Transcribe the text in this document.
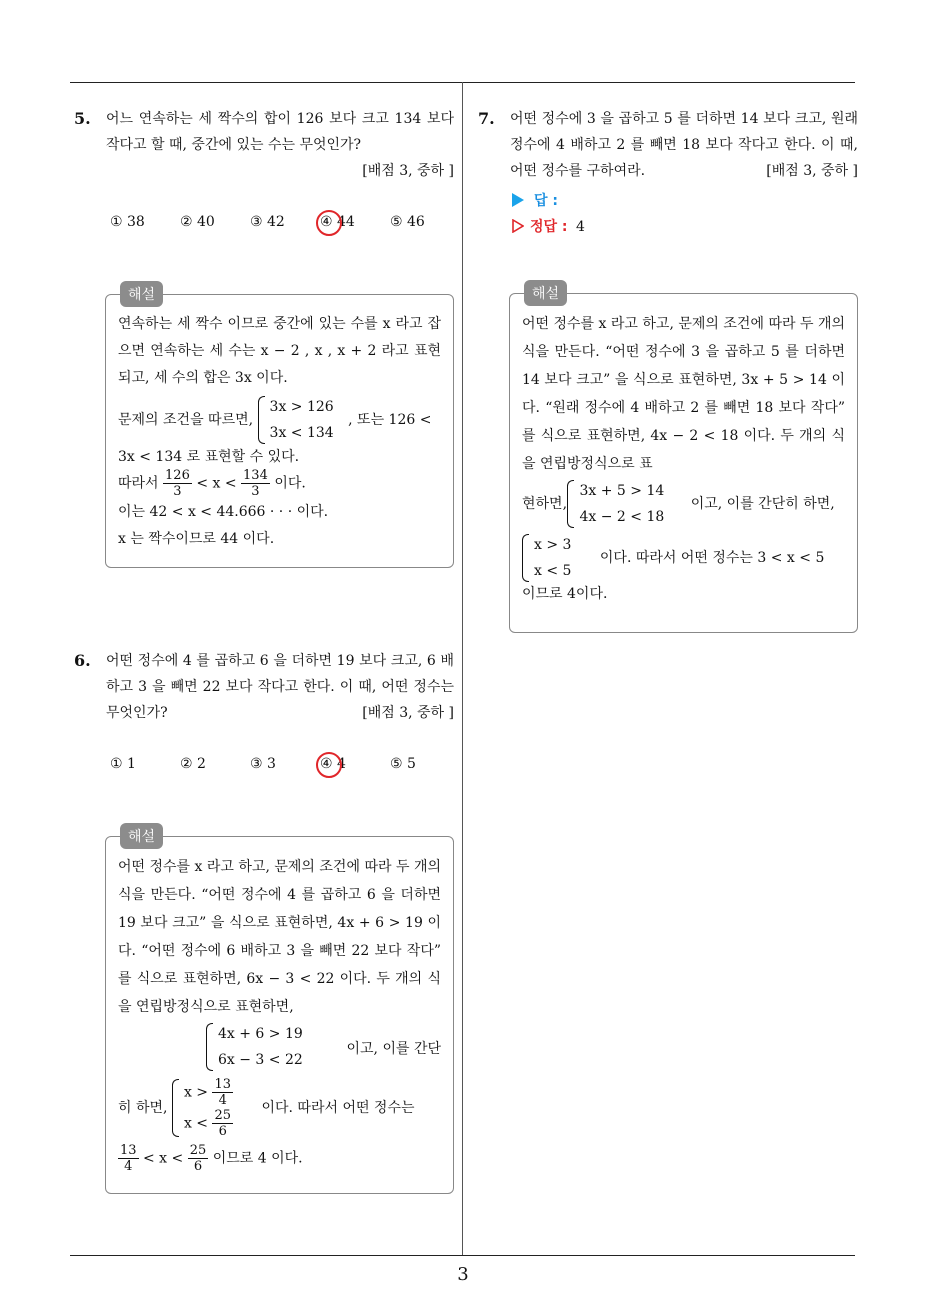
3
5. 어느 연속하는 세 짝수의 합이 126 보다 크고 134 보다 작다고 할 때, 중간에 있는 수는 무엇인가?
[배점 3, 중하 ]
① 38	② 40	③ 42	④ 44	⑤ 46
해설
연속하는 세 짝수 이므로 중간에 있는 수를 x 라고 잡으면 연속하는 세 수는 x − 2 , x , x + 2 라고 표현되고, 세 수의 합은 3x 이다.
문제의 조건을 따르면,
3x > 126
3x < 134
, 또는 126 <
3x < 134 로 표현할 수 있다.
따라서 $\frac{126}{3} < x < \frac{134}{3}$ 이다.
이는 42 < x < 44.666 · · · 이다.
x 는 짝수이므로 44 이다.
6. 어떤 정수에 4 를 곱하고 6 을 더하면 19 보다 크고, 6 배하고 3 을 빼면 22 보다 작다고 한다. 이 때, 어떤 정수는 무엇인가?	[배점 3, 중하 ]
① 1	② 2	③ 3	④ 4	⑤ 5
해설
어떤 정수를 x 라고 하고, 문제의 조건에 따라 두 개의 식을 만든다. “어떤 정수에 4 를 곱하고 6 을 더하면 19 보다 크고” 을 식으로 표현하면, 4x + 6 > 19 이다. “어떤 정수에 6 배하고 3 을 빼면 22 보다 작다” 를 식으로 표현하면, 6x − 3 < 22 이다. 두 개의 식을 연립방정식으로 표현하면,
4x + 6 > 19
6x − 3 < 22
이고, 이를 간단
히 하면,
$x > \frac{13}{4}$
$x < \frac{25}{6}$ 이다. 따라서 어떤 정수는
$\frac{13}{4} < x < \frac{25}{6}$ 이므로 4 이다.
7. 어떤 정수에 3 을 곱하고 5 를 더하면 14 보다 크고, 원래 정수에 4 배하고 2 를 빼면 18 보다 작다고 한다. 이 때, 어떤 정수를 구하여라.	[배점 3, 중하 ]
답 :
정답 : 4
해설
어떤 정수를 x 라고 하고, 문제의 조건에 따라 두 개의 식을 만든다. “어떤 정수에 3 을 곱하고 5 를 더하면 14 보다 크고” 을 식으로 표현하면, 3x + 5 > 14 이다. “원래 정수에 4 배하고 2 를 빼면 18 보다 작다” 를 식으로 표현하면, 4x − 2 < 18 이다. 두 개의 식을 연립방정식으로 표
현하면,
3x + 5 > 14
4x − 2 < 18
이고, 이를 간단히 하면,
x > 3
x < 5
이다. 따라서 어떤 정수는 3 < x < 5
이므로 4이다.
